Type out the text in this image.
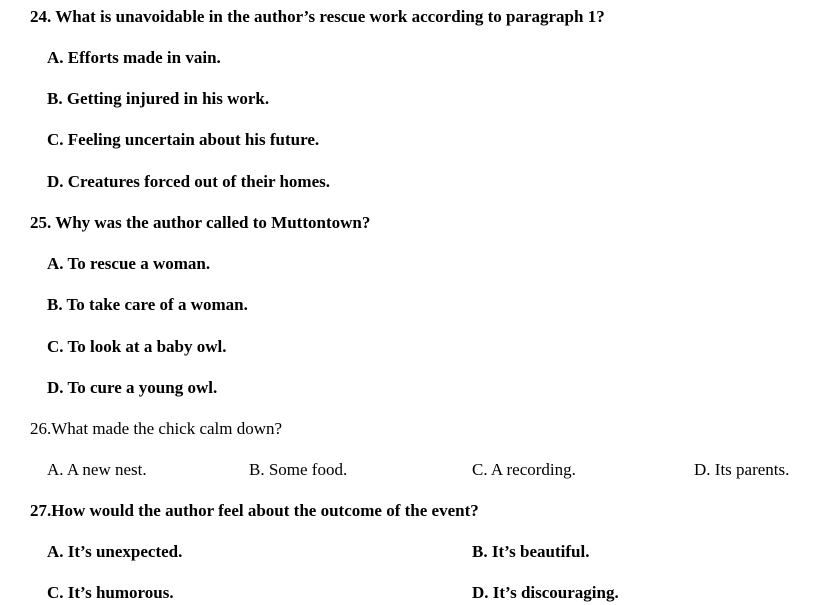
24. What is unavoidable in the author’s rescue work according to paragraph 1?
A. Efforts made in vain.
B. Getting injured in his work.
C. Feeling uncertain about his future.
D. Creatures forced out of their homes.
25. Why was the author called to Muttontown?
A. To rescue a woman.
B. To take care of a woman.
C. To look at a baby owl.
D. To cure a young owl.
26.What made the chick calm down?
A. A new nest.	B. Some food.	C. A recording.	D. Its parents.
27.How would the author feel about the outcome of the event?
A. It’s unexpected.	B. It’s beautiful.
C. It’s humorous.	D. It’s discouraging.
